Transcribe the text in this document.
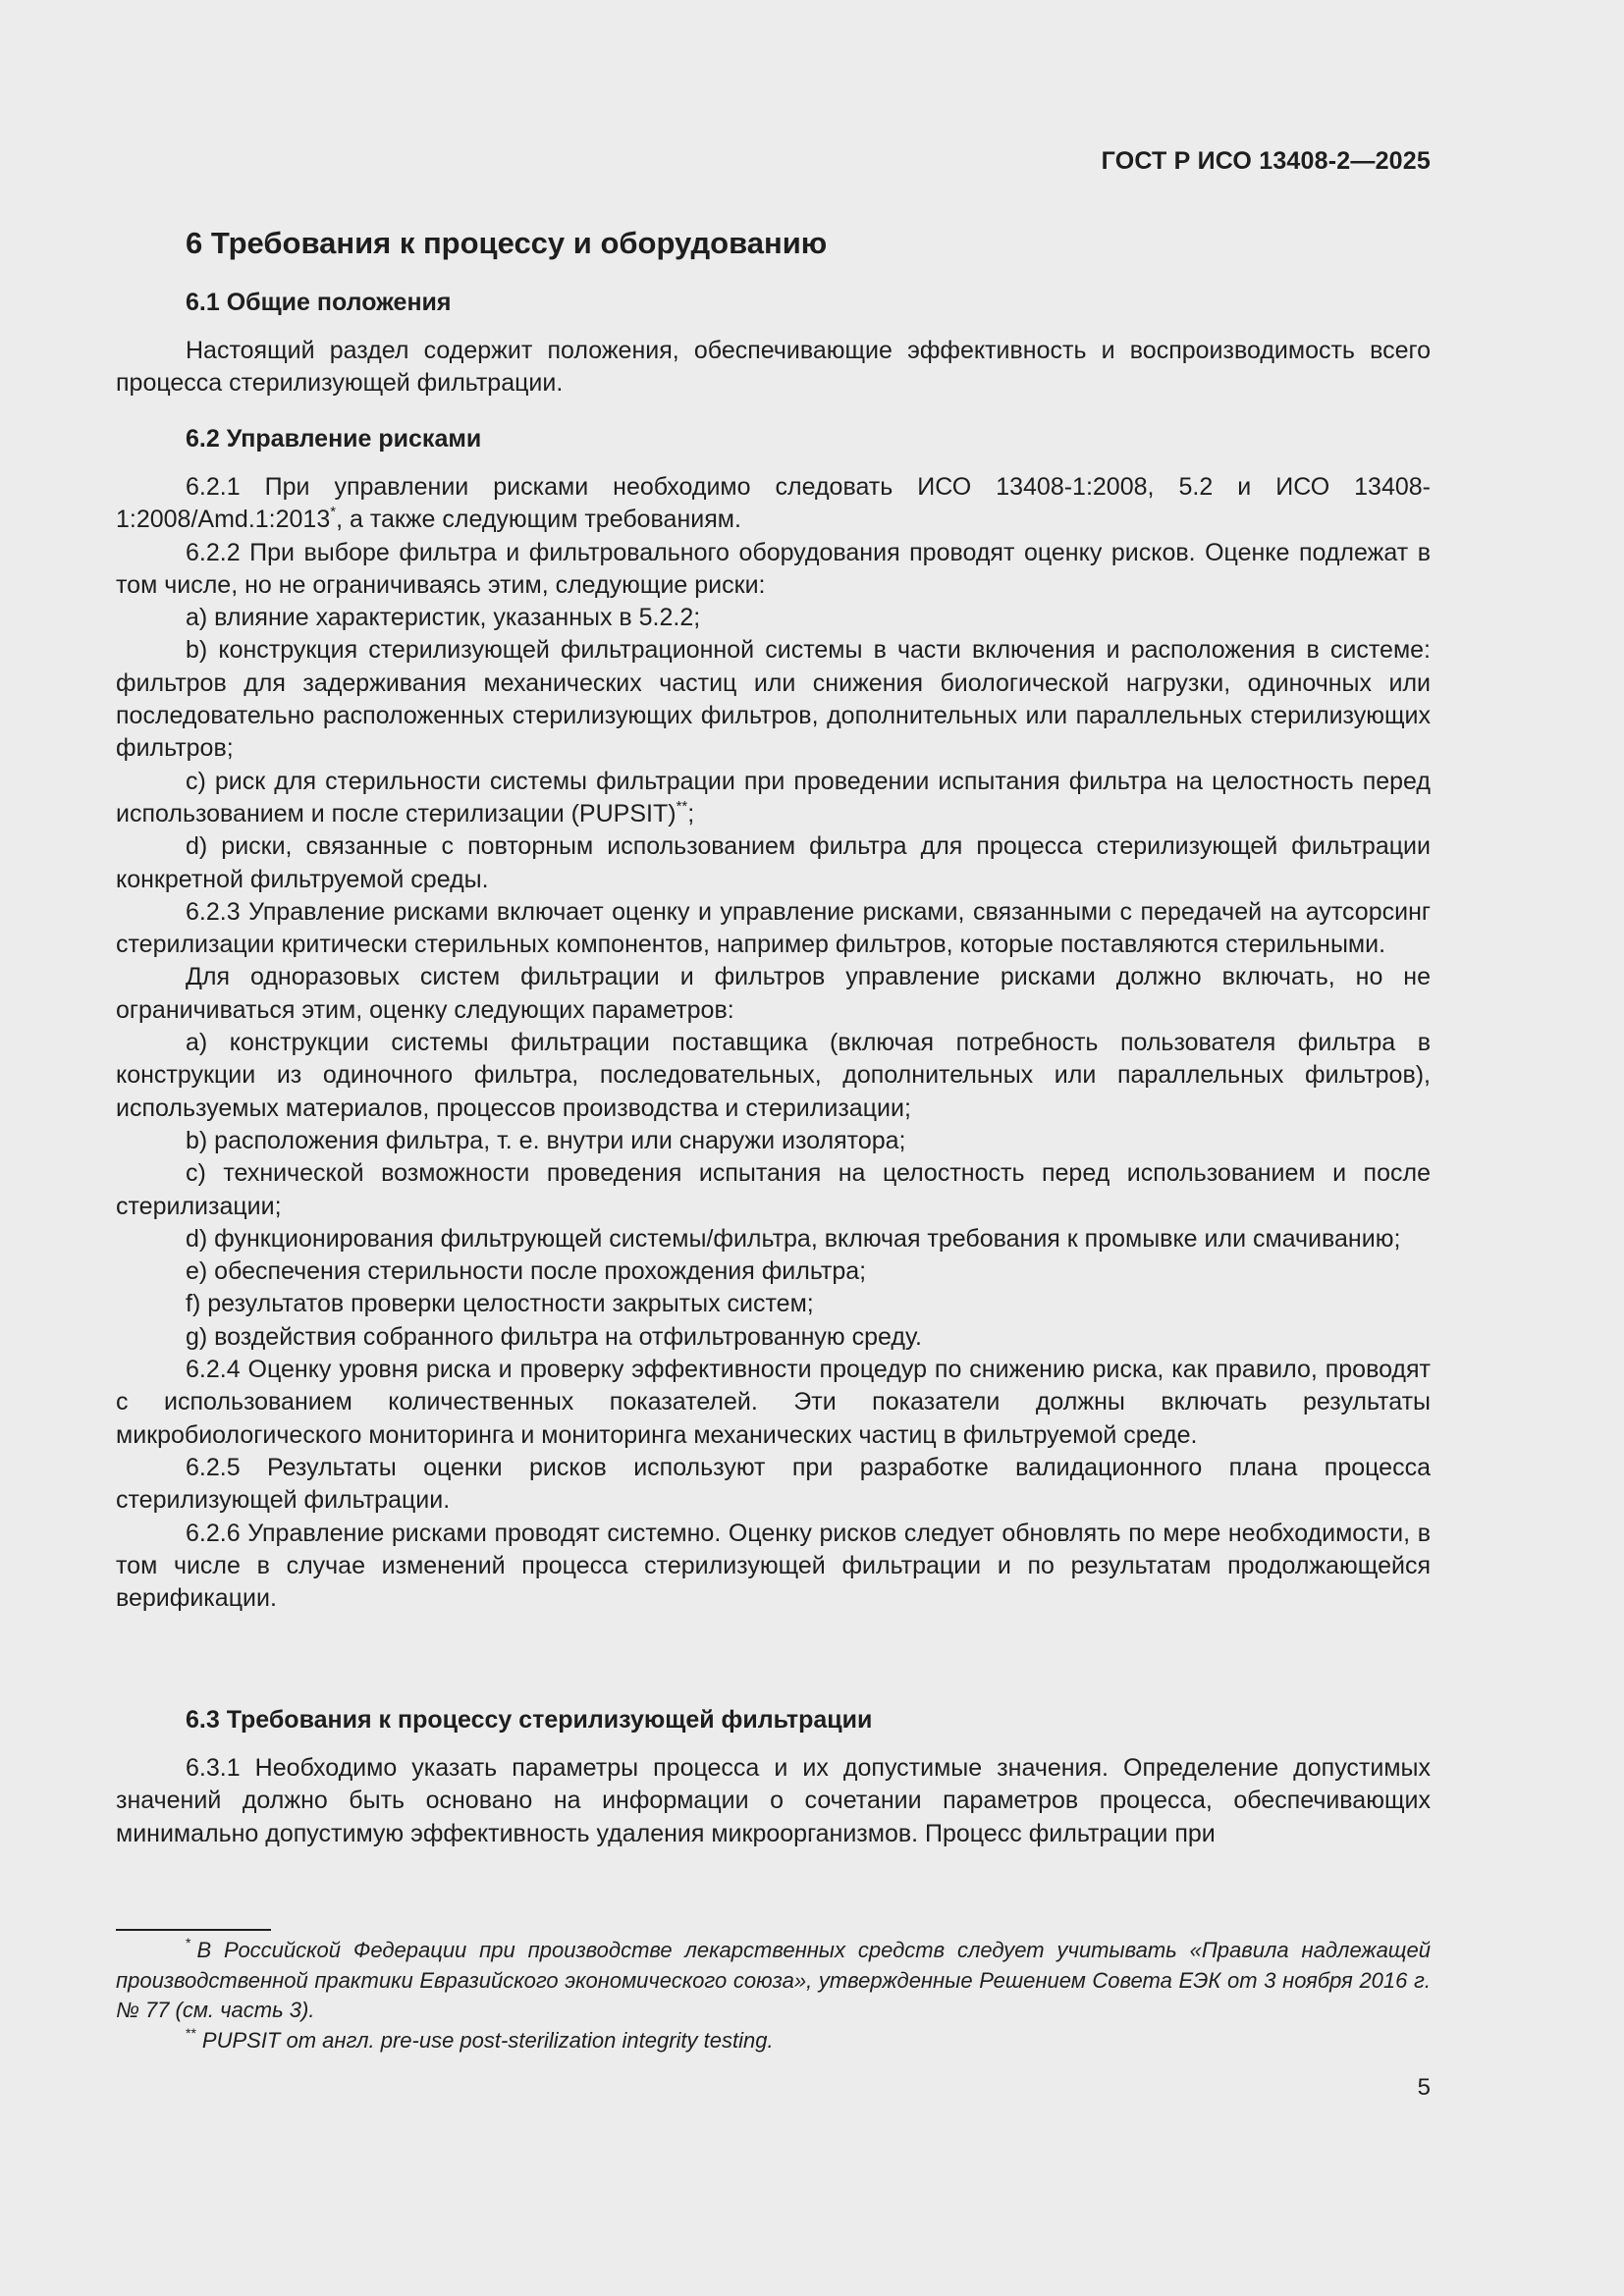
ГОСТ Р ИСО 13408-2—2025
6 Требования к процессу и оборудованию
6.1 Общие положения

Настоящий раздел содержит положения, обеспечивающие эффективность и воспроизводимость всего процесса стерилизующей фильтрации.

6.2 Управление рисками

6.2.1 При управлении рисками необходимо следовать ИСО 13408-1:2008, 5.2 и ИСО 13408-1:2008/Amd.1:2013*, а также следующим требованиям.

6.2.2 При выборе фильтра и фильтровального оборудования проводят оценку рисков. Оценке подлежат в том числе, но не ограничиваясь этим, следующие риски:

a) влияние характеристик, указанных в 5.2.2;

b) конструкция стерилизующей фильтрационной системы в части включения и расположения в системе: фильтров для задерживания механических частиц или снижения биологической нагрузки, одиночных или последовательно расположенных стерилизующих фильтров, дополнительных или параллельных стерилизующих фильтров;

c) риск для стерильности системы фильтрации при проведении испытания фильтра на целостность перед использованием и после стерилизации (PUPSIT)**;

d) риски, связанные с повторным использованием фильтра для процесса стерилизующей фильтрации конкретной фильтруемой среды.

6.2.3 Управление рисками включает оценку и управление рисками, связанными с передачей на аутсорсинг стерилизации критически стерильных компонентов, например фильтров, которые поставляются стерильными.

Для одноразовых систем фильтрации и фильтров управление рисками должно включать, но не ограничиваться этим, оценку следующих параметров:

a) конструкции системы фильтрации поставщика (включая потребность пользователя фильтра в конструкции из одиночного фильтра, последовательных, дополнительных или параллельных фильтров), используемых материалов, процессов производства и стерилизации;

b) расположения фильтра, т. е. внутри или снаружи изолятора;

c) технической возможности проведения испытания на целостность перед использованием и после стерилизации;

d) функционирования фильтрующей системы/фильтра, включая требования к промывке или смачиванию;

e) обеспечения стерильности после прохождения фильтра;

f) результатов проверки целостности закрытых систем;

g) воздействия собранного фильтра на отфильтрованную среду.

6.2.4 Оценку уровня риска и проверку эффективности процедур по снижению риска, как правило, проводят с использованием количественных показателей. Эти показатели должны включать результаты микробиологического мониторинга и мониторинга механических частиц в фильтруемой среде.

6.2.5 Результаты оценки рисков используют при разработке валидационного плана процесса стерилизующей фильтрации.

6.2.6 Управление рисками проводят системно. Оценку рисков следует обновлять по мере необходимости, в том числе в случае изменений процесса стерилизующей фильтрации и по результатам продолжающейся верификации.

6.3 Требования к процессу стерилизующей фильтрации

6.3.1 Необходимо указать параметры процесса и их допустимые значения. Определение допустимых значений должно быть основано на информации о сочетании параметров процесса, обеспечивающих минимально допустимую эффективность удаления микроорганизмов. Процесс фильтрации при

* В Российской Федерации при производстве лекарственных средств следует учитывать «Правила надлежащей производственной практики Евразийского экономического союза», утвержденные Решением Совета ЕЭК от 3 ноября 2016 г. № 77 (см. часть 3).

** PUPSIT от англ. pre-use post-sterilization integrity testing.

5
